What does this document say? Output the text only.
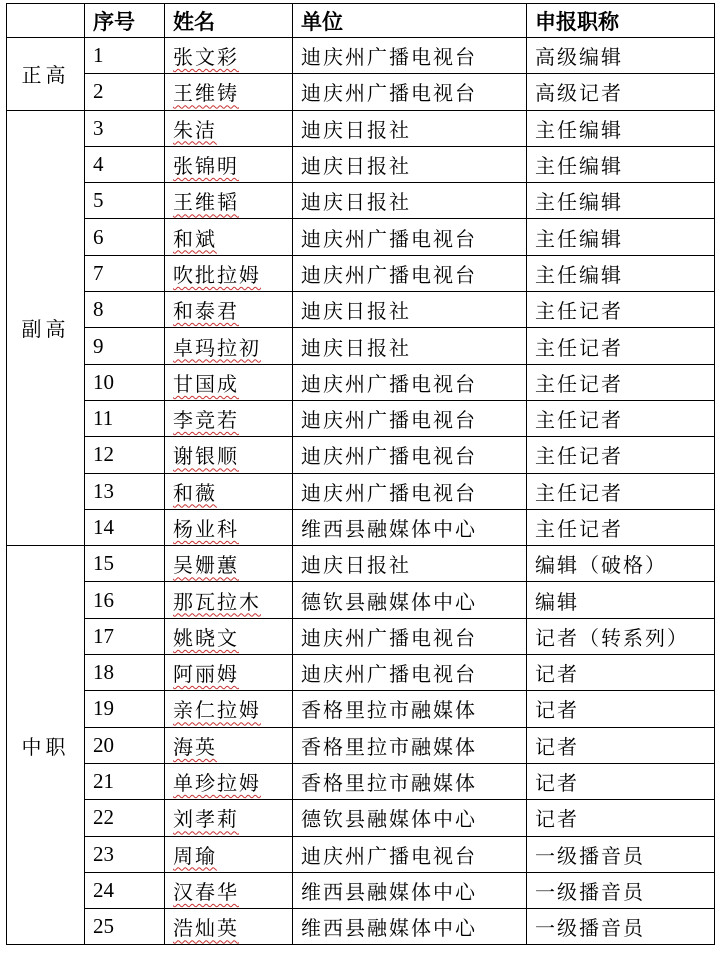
	序号	姓名	单位	申报职称
正高	1	张文彩	迪庆州广播电视台	高级编辑
	2	王维铸	迪庆州广播电视台	高级记者
副高	3	朱洁	迪庆日报社	主任编辑
	4	张锦明	迪庆日报社	主任编辑
	5	王维韬	迪庆日报社	主任编辑
	6	和斌	迪庆州广播电视台	主任编辑
	7	吹批拉姆	迪庆州广播电视台	主任编辑
	8	和泰君	迪庆日报社	主任记者
	9	卓玛拉初	迪庆日报社	主任记者
	10	甘国成	迪庆州广播电视台	主任记者
	11	李竞若	迪庆州广播电视台	主任记者
	12	谢银顺	迪庆州广播电视台	主任记者
	13	和薇	迪庆州广播电视台	主任记者
	14	杨业科	维西县融媒体中心	主任记者
中职	15	吴姗蕙	迪庆日报社	编辑（破格）
	16	那瓦拉木	德钦县融媒体中心	编辑
	17	姚晓文	迪庆州广播电视台	记者（转系列）
	18	阿丽姆	迪庆州广播电视台	记者
	19	亲仁拉姆	香格里拉市融媒体	记者
	20	海英	香格里拉市融媒体	记者
	21	单珍拉姆	香格里拉市融媒体	记者
	22	刘孝莉	德钦县融媒体中心	记者
	23	周瑜	迪庆州广播电视台	一级播音员
	24	汉春华	维西县融媒体中心	一级播音员
	25	浩灿英	维西县融媒体中心	一级播音员
